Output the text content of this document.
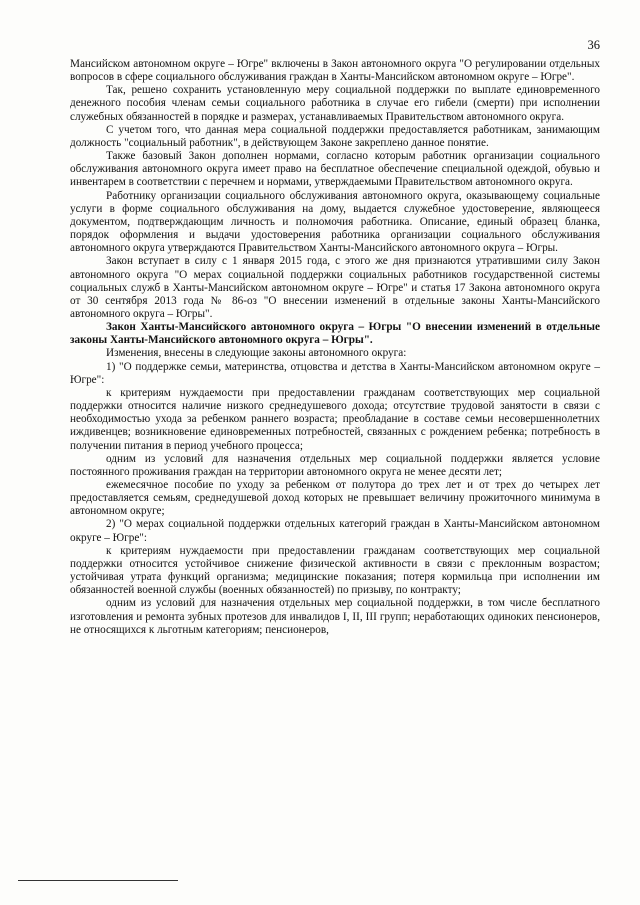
36

Мансийском автономном округе – Югре" включены в Закон автономного округа "О регулировании отдельных вопросов в сфере социального обслуживания граждан в Ханты-Мансийском автономном округе – Югре".

Так, решено сохранить установленную меру социальной поддержки по выплате единовременного денежного пособия членам семьи социального работника в случае его гибели (смерти) при исполнении служебных обязанностей в порядке и размерах, устанавливаемых Правительством автономного округа.

С учетом того, что данная мера социальной поддержки предоставляется работникам, занимающим должность "социальный работник", в действующем Законе закреплено данное понятие.

Также базовый Закон дополнен нормами, согласно которым работник организации социального обслуживания автономного округа имеет право на бесплатное обеспечение специальной одеждой, обувью и инвентарем в соответствии с перечнем и нормами, утверждаемыми Правительством автономного округа.

Работнику организации социального обслуживания автономного округа, оказывающему социальные услуги в форме социального обслуживания на дому, выдается служебное удостоверение, являющееся документом, подтверждающим личность и полномочия работника. Описание, единый образец бланка, порядок оформления и выдачи удостоверения работника организации социального обслуживания автономного округа утверждаются Правительством Ханты-Мансийского автономного округа – Югры.

Закон вступает в силу с 1 января 2015 года, с этого же дня признаются утратившими силу Закон автономного округа "О мерах социальной поддержки социальных работников государственной системы социальных служб в Ханты-Мансийском автономном округе – Югре" и статья 17 Закона автономного округа от 30 сентября 2013 года № 86-оз "О внесении изменений в отдельные законы Ханты-Мансийского автономного округа – Югры".

Закон Ханты-Мансийского автономного округа – Югры "О внесении изменений в отдельные законы Ханты-Мансийского автономного округа – Югры".

Изменения, внесены в следующие законы автономного округа:

1) "О поддержке семьи, материнства, отцовства и детства в Ханты-Мансийском автономном округе – Югре":

к критериям нуждаемости при предоставлении гражданам соответствующих мер социальной поддержки относится наличие низкого среднедушевого дохода; отсутствие трудовой занятости в связи с необходимостью ухода за ребенком раннего возраста; преобладание в составе семьи несовершеннолетних иждивенцев; возникновение единовременных потребностей, связанных с рождением ребенка; потребность в получении питания в период учебного процесса;

одним из условий для назначения отдельных мер социальной поддержки является условие постоянного проживания граждан на территории автономного округа не менее десяти лет;

ежемесячное пособие по уходу за ребенком от полутора до трех лет и от трех до четырех лет предоставляется семьям, среднедушевой доход которых не превышает величину прожиточного минимума в автономном округе;

2) "О мерах социальной поддержки отдельных категорий граждан в Ханты-Мансийском автономном округе – Югре":

к критериям нуждаемости при предоставлении гражданам соответствующих мер социальной поддержки относится устойчивое снижение физической активности в связи с преклонным возрастом; устойчивая утрата функций организма; медицинские показания; потеря кормильца при исполнении им обязанностей военной службы (военных обязанностей) по призыву, по контракту;

одним из условий для назначения отдельных мер социальной поддержки, в том числе бесплатного изготовления и ремонта зубных протезов для инвалидов I, II, III групп; неработающих одиноких пенсионеров, не относящихся к льготным категориям; пенсионеров,
